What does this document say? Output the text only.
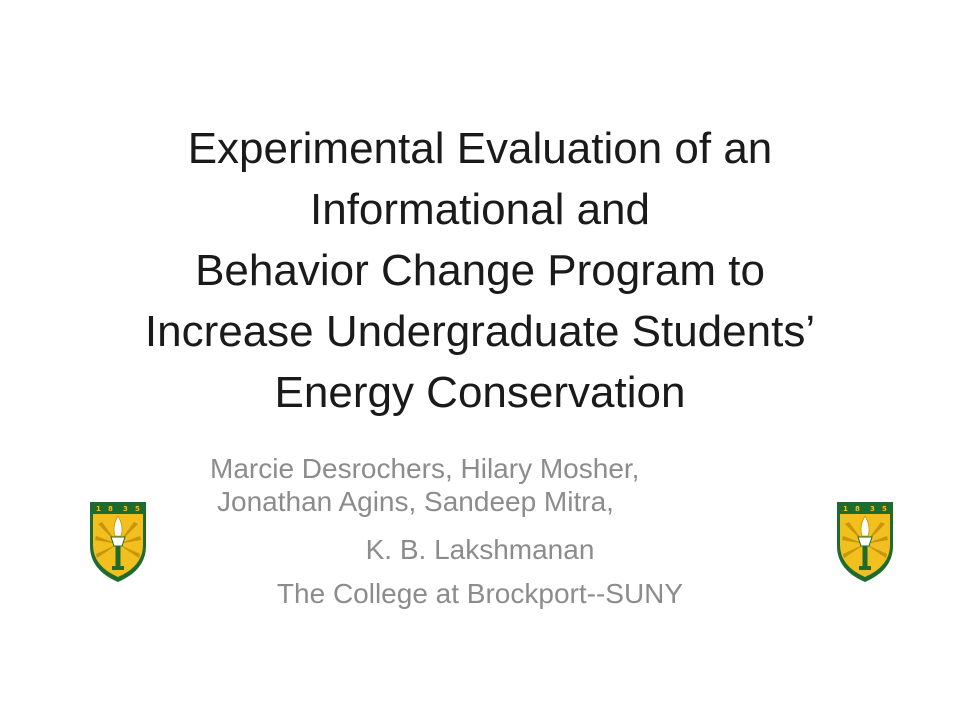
Experimental Evaluation of an
Informational and
Behavior Change Program to
Increase Undergraduate Students’
Energy Conservation
Marcie Desrochers, Hilary Mosher,
Jonathan Agins, Sandeep Mitra,
K. B. Lakshmanan
The College at Brockport--SUNY
1 8 3 5	1 8 3 5
